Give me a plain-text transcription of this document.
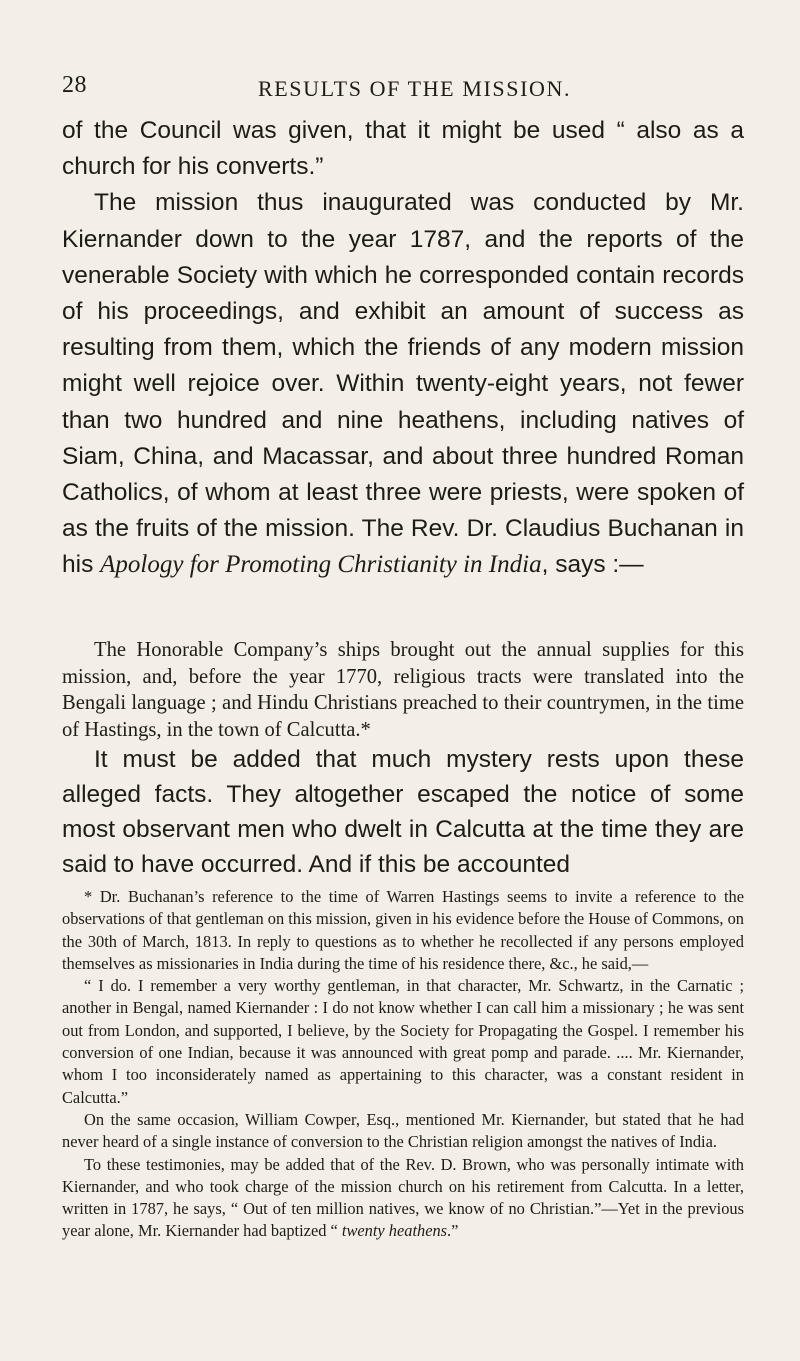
28	RESULTS OF THE MISSION.

of the Council was given, that it might be used “ also as a church for his converts.”

The mission thus inaugurated was conducted by Mr. Kiernander down to the year 1787, and the reports of the venerable Society with which he corresponded contain records of his proceedings, and exhibit an amount of success as resulting from them, which the friends of any modern mission might well rejoice over. Within twenty-eight years, not fewer than two hundred and nine heathens, including natives of Siam, China, and Macassar, and about three hundred Roman Catholics, of whom at least three were priests, were spoken of as the fruits of the mission. The Rev. Dr. Claudius Buchanan in his Apology for Promoting Christianity in India, says :—

The Honorable Company’s ships brought out the annual supplies for this mission, and, before the year 1770, religious tracts were translated into the Bengali language ; and Hindu Christians preached to their countrymen, in the time of Hastings, in the town of Calcutta.*

It must be added that much mystery rests upon these alleged facts. They altogether escaped the notice of some most observant men who dwelt in Calcutta at the time they are said to have occurred. And if this be accounted

* Dr. Buchanan’s reference to the time of Warren Hastings seems to invite a reference to the observations of that gentleman on this mission, given in his evidence before the House of Commons, on the 30th of March, 1813. In reply to questions as to whether he recollected if any persons employed themselves as missionaries in India during the time of his residence there, &c., he said,—

“ I do. I remember a very worthy gentleman, in that character, Mr. Schwartz, in the Carnatic ; another in Bengal, named Kiernander : I do not know whether I can call him a missionary ; he was sent out from London, and supported, I believe, by the Society for Propagating the Gospel. I remember his conversion of one Indian, because it was announced with great pomp and parade. .... Mr. Kiernander, whom I too inconsiderately named as appertaining to this character, was a constant resident in Calcutta.”

On the same occasion, William Cowper, Esq., mentioned Mr. Kiernander, but stated that he had never heard of a single instance of conversion to the Christian religion amongst the natives of India.

To these testimonies, may be added that of the Rev. D. Brown, who was personally intimate with Kiernander, and who took charge of the mission church on his retirement from Calcutta. In a letter, written in 1787, he says, “ Out of ten million natives, we know of no Christian.”—Yet in the previous year alone, Mr. Kiernander had baptized “ twenty heathens.”
